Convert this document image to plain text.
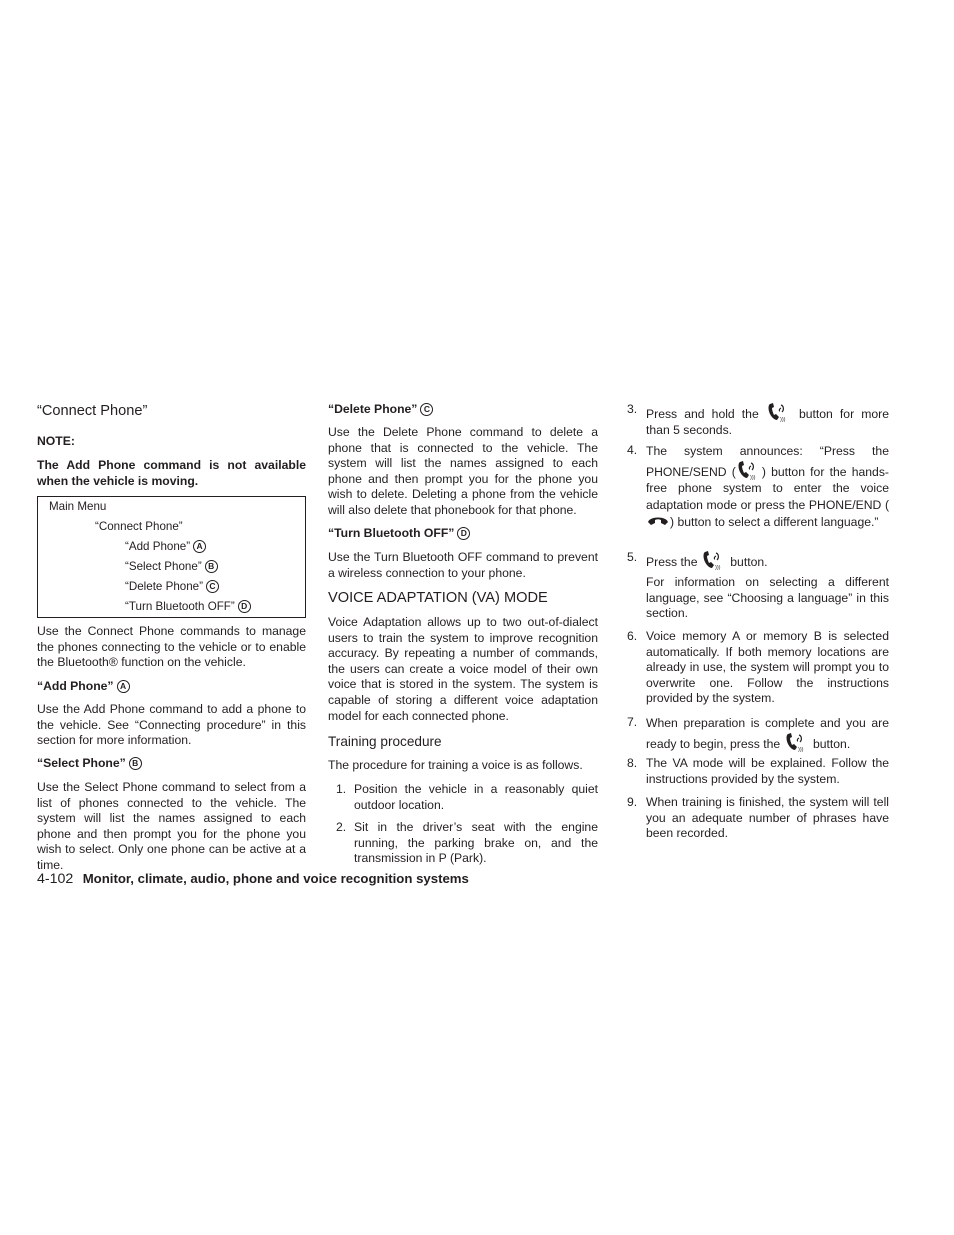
“Connect Phone”
NOTE:

The Add Phone command is not available when the vehicle is moving.

Main Menu
“Connect Phone”
“Add Phone” A
“Select Phone” B
“Delete Phone” C
“Turn Bluetooth OFF” D

Use the Connect Phone commands to manage the phones connecting to the vehicle or to enable the Bluetooth® function on the vehicle.

“Add Phone” A

Use the Add Phone command to add a phone to the vehicle. See “Connecting procedure” in this section for more information.

“Select Phone” B

Use the Select Phone command to select from a list of phones connected to the vehicle. The system will list the names assigned to each phone and then prompt you for the phone you wish to select. Only one phone can be active at a time.

“Delete Phone” C

Use the Delete Phone command to delete a phone that is connected to the vehicle. The system will list the names assigned to each phone and then prompt you for the phone you wish to delete. Deleting a phone from the vehicle will also delete that phonebook for that phone.

“Turn Bluetooth OFF” D

Use the Turn Bluetooth OFF command to prevent a wireless connection to your phone.

VOICE ADAPTATION (VA) MODE

Voice Adaptation allows up to two out-of-dialect users to train the system to improve recognition accuracy. By repeating a number of commands, the users can create a voice model of their own voice that is stored in the system. The system is capable of storing a different voice adaptation model for each connected phone.

Training procedure
The procedure for training a voice is as follows.
1. Position the vehicle in a reasonably quiet outdoor location.

2. Sit in the driver’s seat with the engine running, the parking brake on, and the transmission in P (Park).

3. Press and hold the	button for more than 5 seconds.

4. The system announces: “Press the PHONE/SEND ( ) button for the hands-free phone system to enter the voice adaptation mode or press the PHONE/END () button to select a different language.”

5. Press the	button.

For information on selecting a different language, see “Choosing a language” in this section.

6. Voice memory A or memory B is selected automatically. If both memory locations are already in use, the system will prompt you to overwrite one. Follow the instructions provided by the system.

7. When preparation is complete and you are ready to begin, press the	button.

8. The VA mode will be explained. Follow the instructions provided by the system.

9. When training is finished, the system will tell you an adequate number of phrases have been recorded.

4-102 Monitor, climate, audio, phone and voice recognition systems
